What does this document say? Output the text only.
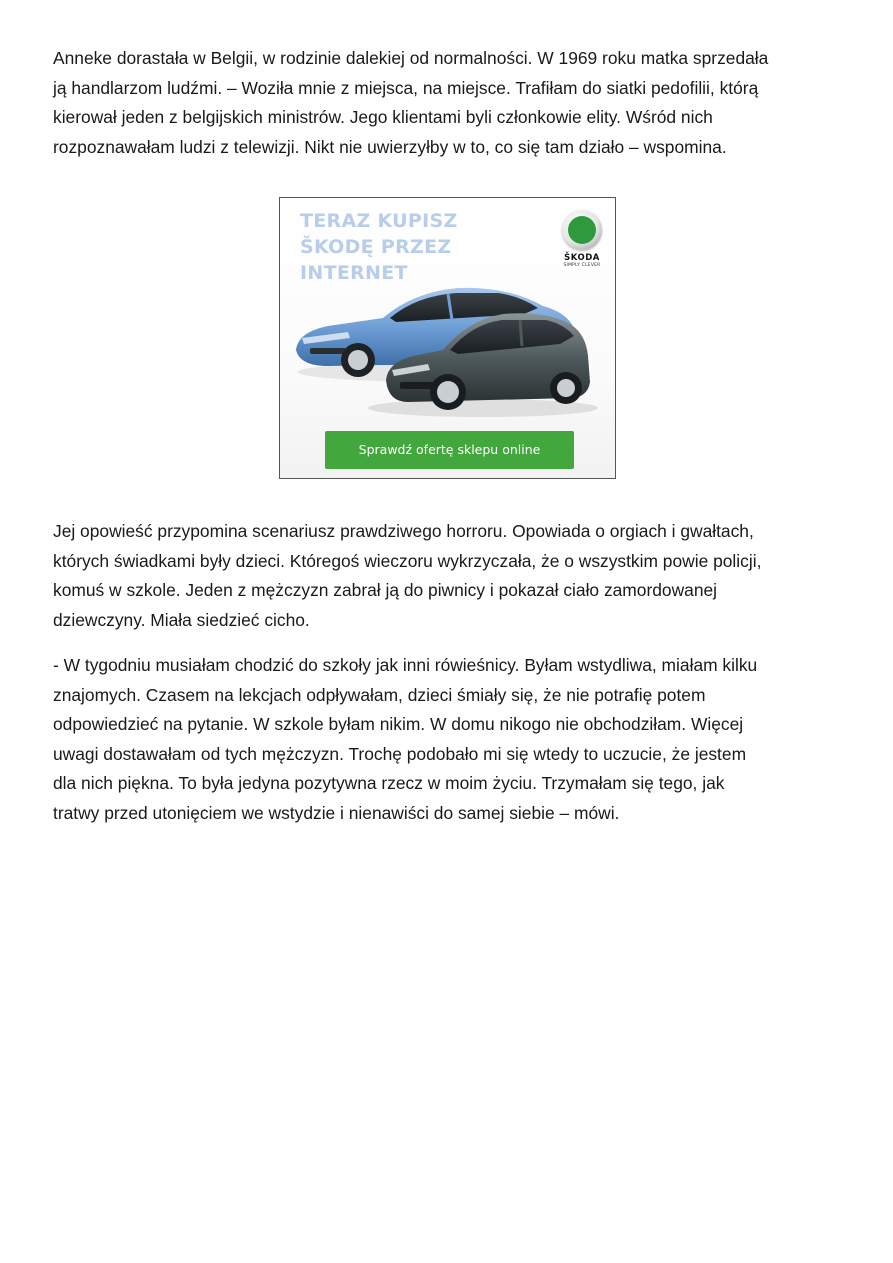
Anneke dorastała w Belgii, w rodzinie dalekiej od normalności. W 1969 roku matka sprzedała
ją handlarzom ludźmi. – Woziła mnie z miejsca, na miejsce. Trafiłam do siatki pedofilii, którą
kierował jeden z belgijskich ministrów. Jego klientami byli członkowie elity. Wśród nich
rozpoznawałam ludzi z telewizji. Nikt nie uwierzyłby w to, co się tam działo – wspomina.
TERAZ KUPISZ
ŠKODĘ PRZEZ
INTERNET
ŠKODA
SIMPLY CLEVER
Sprawdź ofertę sklepu online
Jej opowieść przypomina scenariusz prawdziwego horroru. Opowiada o orgiach i gwałtach,
których świadkami były dzieci. Któregoś wieczoru wykrzyczała, że o wszystkim powie policji,
komuś w szkole. Jeden z mężczyzn zabrał ją do piwnicy i pokazał ciało zamordowanej
dziewczyny. Miała siedzieć cicho.
- W tygodniu musiałam chodzić do szkoły jak inni rówieśnicy. Byłam wstydliwa, miałam kilku
znajomych. Czasem na lekcjach odpływałam, dzieci śmiały się, że nie potrafię potem
odpowiedzieć na pytanie. W szkole byłam nikim. W domu nikogo nie obchodziłam. Więcej
uwagi dostawałam od tych mężczyzn. Trochę podobało mi się wtedy to uczucie, że jestem
dla nich piękna. To była jedyna pozytywna rzecz w moim życiu. Trzymałam się tego, jak
tratwy przed utonięciem we wstydzie i nienawiści do samej siebie – mówi.
